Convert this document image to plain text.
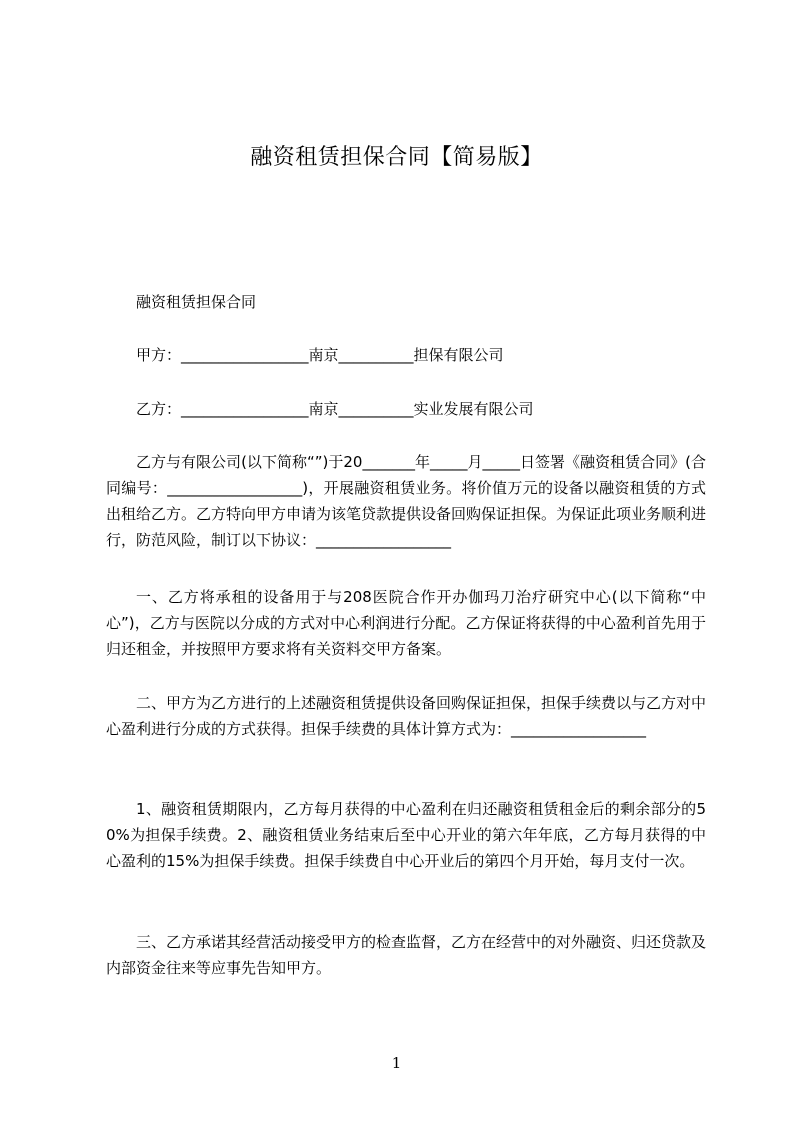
融资租赁担保合同【简易版】
融资租赁担保合同
甲方：_________________南京__________担保有限公司
乙方：_________________南京__________实业发展有限公司
乙方与有限公司(以下简称“”)于20_______年_____月_____日签署《融资租赁合同》(合同编号：__________________)，开展融资租赁业务。将价值万元的设备以融资租赁的方式出租给乙方。乙方特向甲方申请为该笔贷款提供设备回购保证担保。为保证此项业务顺利进行，防范风险，制订以下协议：__________________
一、乙方将承租的设备用于与208医院合作开办伽玛刀治疗研究中心(以下简称“中心”)，乙方与医院以分成的方式对中心利润进行分配。乙方保证将获得的中心盈利首先用于归还租金，并按照甲方要求将有关资料交甲方备案。
二、甲方为乙方进行的上述融资租赁提供设备回购保证担保，担保手续费以与乙方对中心盈利进行分成的方式获得。担保手续费的具体计算方式为：__________________
1、融资租赁期限内，乙方每月获得的中心盈利在归还融资租赁租金后的剩余部分的50%为担保手续费。2、融资租赁业务结束后至中心开业的第六年年底，乙方每月获得的中心盈利的15%为担保手续费。担保手续费自中心开业后的第四个月开始，每月支付一次。
三、乙方承诺其经营活动接受甲方的检查监督，乙方在经营中的对外融资、归还贷款及内部资金往来等应事先告知甲方。
1
